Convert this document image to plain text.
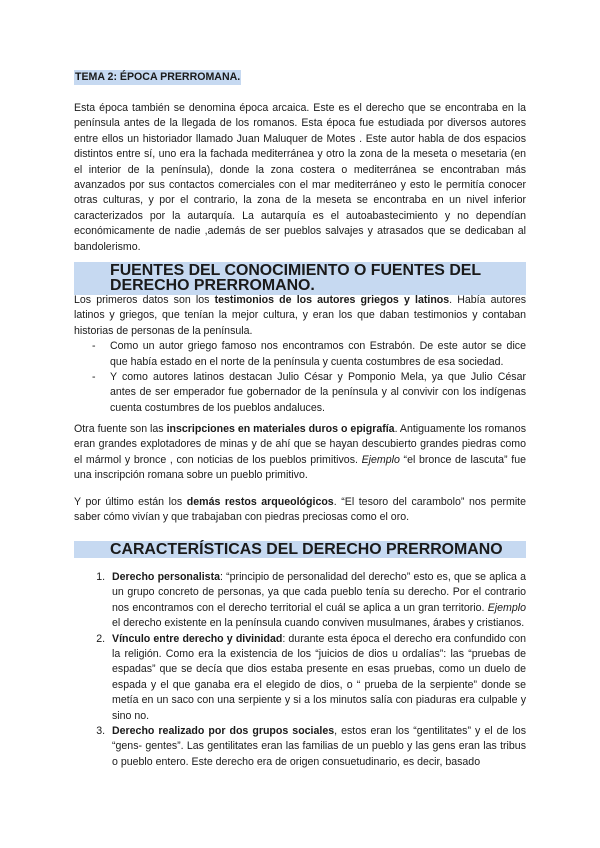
TEMA 2: ÉPOCA PRERROMANA.

Esta época también se denomina época arcaica. Este es el derecho que se encontraba en la península antes de la llegada de los romanos. Esta época fue estudiada por diversos autores entre ellos un historiador llamado Juan Maluquer de Motes . Este autor habla de dos espacios distintos entre sí, uno era la fachada mediterránea y otro la zona de la meseta o mesetaria (en el interior de la península), donde la zona costera o mediterránea se encontraban más avanzados por sus contactos comerciales con el mar mediterráneo y esto le permitía conocer otras culturas, y por el contrario, la zona de la meseta se encontraba en un nivel inferior caracterizados por la autarquía. La autarquía es el autoabastecimiento y no dependían económicamente de nadie ,además de ser pueblos salvajes y atrasados que se dedicaban al bandolerismo.

FUENTES DEL CONOCIMIENTO O FUENTES DEL DERECHO PRERROMANO.

Los primeros datos son los testimonios de los autores griegos y latinos. Había autores latinos y griegos, que tenían la mejor cultura, y eran los que daban testimonios y contaban historias de personas de la península.

- Como un autor griego famoso nos encontramos con Estrabón. De este autor se dice que había estado en el norte de la península y cuenta costumbres de esa sociedad.
- Y como autores latinos destacan Julio César y Pomponio Mela, ya que Julio César antes de ser emperador fue gobernador de la península y al convivir con los indígenas cuenta costumbres de los pueblos andaluces.

Otra fuente son las inscripciones en materiales duros o epigrafía. Antiguamente los romanos eran grandes explotadores de minas y de ahí que se hayan descubierto grandes piedras como el mármol y bronce , con noticias de los pueblos primitivos. Ejemplo “el bronce de lascuta” fue una inscripción romana sobre un pueblo primitivo.

Y por último están los demás restos arqueológicos. “El tesoro del carambolo” nos permite saber cómo vivían y que trabajaban con piedras preciosas como el oro.

CARACTERÍSTICAS DEL DERECHO PRERROMANO
1. Derecho personalista: “principio de personalidad del derecho” esto es, que se aplica a un grupo concreto de personas, ya que cada pueblo tenía su derecho. Por el contrario nos encontramos con el derecho territorial el cuál se aplica a un gran territorio. Ejemplo el derecho existente en la península cuando conviven musulmanes, árabes y cristianos.
2. Vínculo entre derecho y divinidad: durante esta época el derecho era confundido con la religión. Como era la existencia de los “juicios de dios u ordalías”: las “pruebas de espadas” que se decía que dios estaba presente en esas pruebas, como un duelo de espada y el que ganaba era el elegido de dios, o “ prueba de la serpiente” donde se metía en un saco con una serpiente y si a los minutos salía con piaduras era culpable y sino no.
3. Derecho realizado por dos grupos sociales, estos eran los “gentilitates” y el de los “gens- gentes”. Las gentilitates eran las familias de un pueblo y las gens eran las tribus o pueblo entero. Este derecho era de origen consuetudinario, es decir, basado
